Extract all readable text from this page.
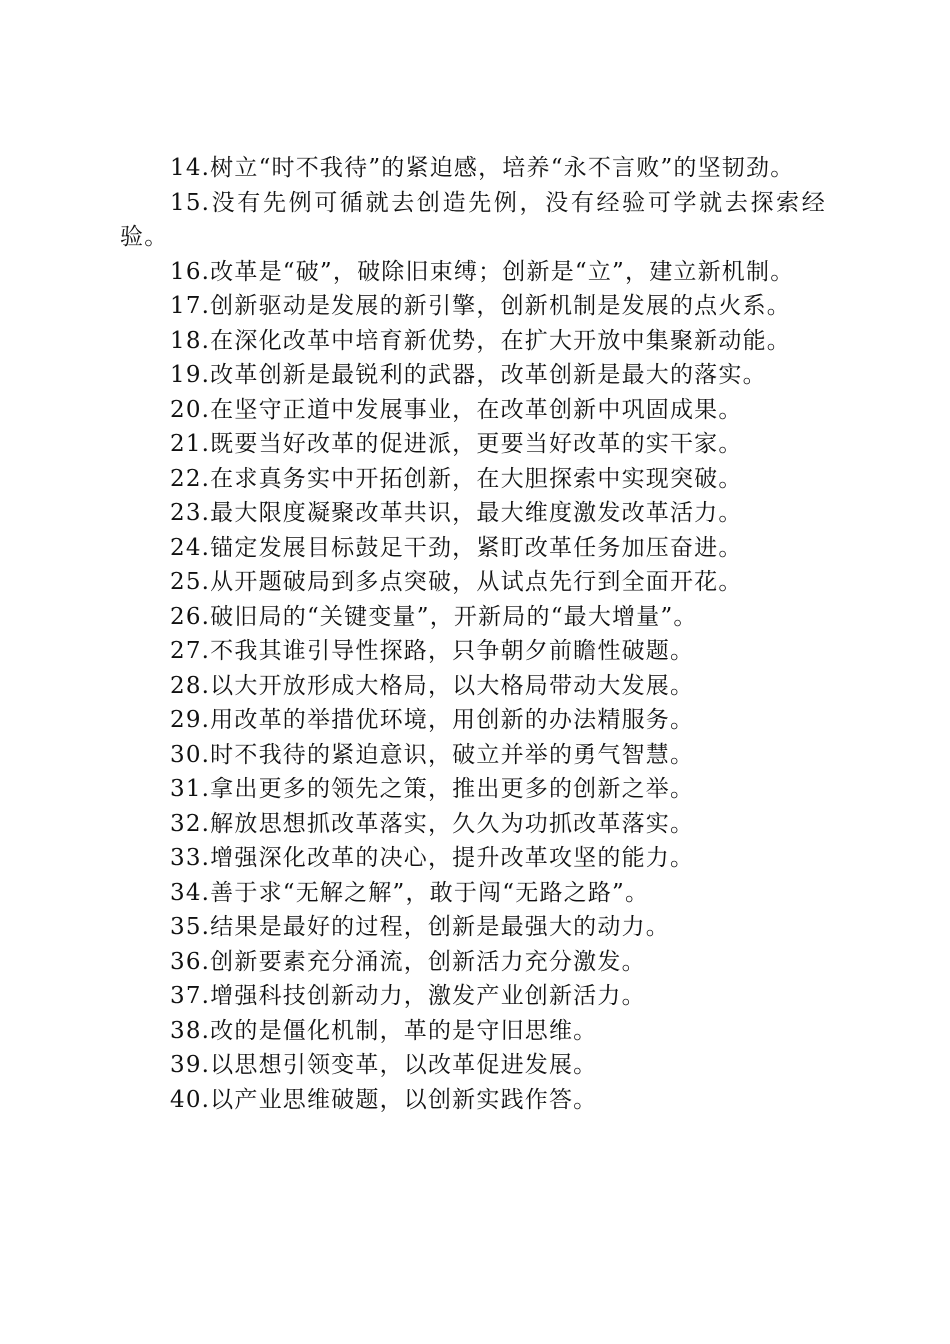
14.树立“时不我待”的紧迫感，培养“永不言败”的坚韧劲。

15.没有先例可循就去创造先例，没有经验可学就去探索经验。

16.改革是“破”，破除旧束缚；创新是“立”，建立新机制。

17.创新驱动是发展的新引擎，创新机制是发展的点火系。

18.在深化改革中培育新优势，在扩大开放中集聚新动能。

19.改革创新是最锐利的武器，改革创新是最大的落实。

20.在坚守正道中发展事业，在改革创新中巩固成果。

21.既要当好改革的促进派，更要当好改革的实干家。

22.在求真务实中开拓创新，在大胆探索中实现突破。

23.最大限度凝聚改革共识，最大维度激发改革活力。

24.锚定发展目标鼓足干劲，紧盯改革任务加压奋进。

25.从开题破局到多点突破，从试点先行到全面开花。

26.破旧局的“关键变量”，开新局的“最大增量”。

27.不我其谁引导性探路，只争朝夕前瞻性破题。

28.以大开放形成大格局，以大格局带动大发展。

29.用改革的举措优环境，用创新的办法精服务。

30.时不我待的紧迫意识，破立并举的勇气智慧。

31.拿出更多的领先之策，推出更多的创新之举。

32.解放思想抓改革落实，久久为功抓改革落实。

33.增强深化改革的决心，提升改革攻坚的能力。

34.善于求“无解之解”，敢于闯“无路之路”。

35.结果是最好的过程，创新是最强大的动力。

36.创新要素充分涌流，创新活力充分激发。

37.增强科技创新动力，激发产业创新活力。

38.改的是僵化机制，革的是守旧思维。

39.以思想引领变革，以改革促进发展。

40.以产业思维破题，以创新实践作答。
